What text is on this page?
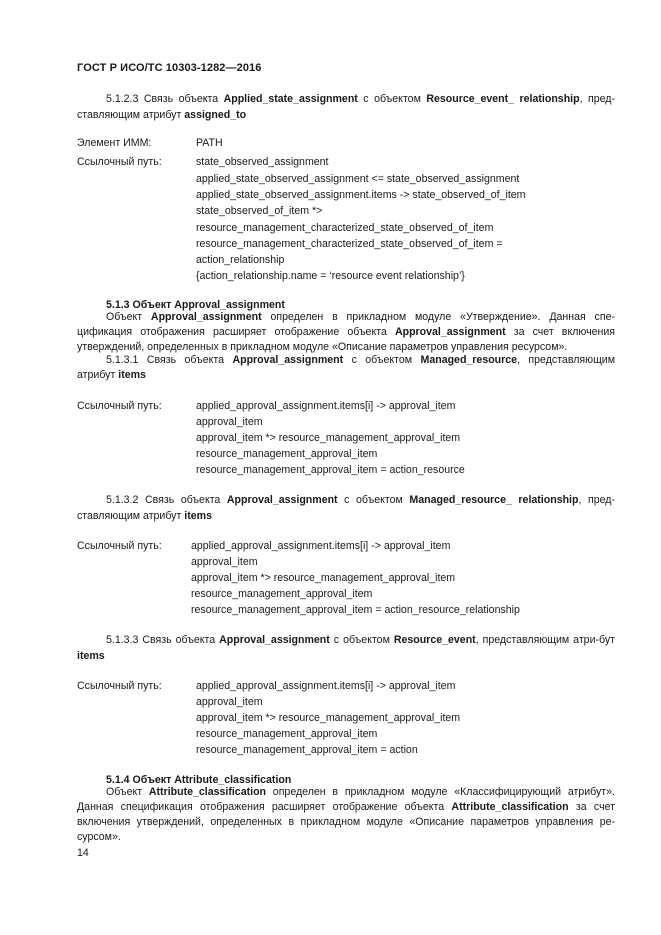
ГОСТ Р ИСО/ТС 10303-1282—2016
5.1.2.3 Связь объекта Applied_state_assignment с объектом Resource_event_ relationship, пред-ставляющим атрибут assigned_to
Элемент ИММ:	PATH
Ссылочный путь:	state_observed_assignment
applied_state_observed_assignment <= state_observed_assignment
applied_state_observed_assignment.items -> state_observed_of_item
state_observed_of_item *>
resource_management_characterized_state_observed_of_item
resource_management_characterized_state_observed_of_item =
action_relationship
{action_relationship.name = ‘resource event relationship’}
5.1.3 Объект Approval_assignment
Объект Approval_assignment определен в прикладном модуле «Утверждение». Данная спе-цификация отображения расширяет отображение объекта Approval_assignment за счет включения утверждений, определенных в прикладном модуле «Описание параметров управления ресурсом».
5.1.3.1 Связь объекта Approval_assignment с объектом Managed_resource, представляющим атрибут items
Ссылочный путь:	applied_approval_assignment.items[i] -> approval_item
approval_item
approval_item *> resource_management_approval_item
resource_management_approval_item
resource_management_approval_item = action_resource
5.1.3.2 Связь объекта Approval_assignment с объектом Managed_resource_ relationship, пред-ставляющим атрибут items
Ссылочный путь:	applied_approval_assignment.items[i] -> approval_item
approval_item
approval_item *> resource_management_approval_item
resource_management_approval_item
resource_management_approval_item = action_resource_relationship
5.1.3.3 Связь объекта Approval_assignment с объектом Resource_event, представляющим атри-бут items
Ссылочный путь:	applied_approval_assignment.items[i] -> approval_item
approval_item
approval_item *> resource_management_approval_item
resource_management_approval_item
resource_management_approval_item = action
5.1.4 Объект Attribute_classification
Объект Attribute_classification определен в прикладном модуле «Классифицирующий атрибут». Данная спецификация отображения расширяет отображение объекта Attribute_classification за счет включения утверждений, определенных в прикладном модуле «Описание параметров управления ре-сурсом».
14
